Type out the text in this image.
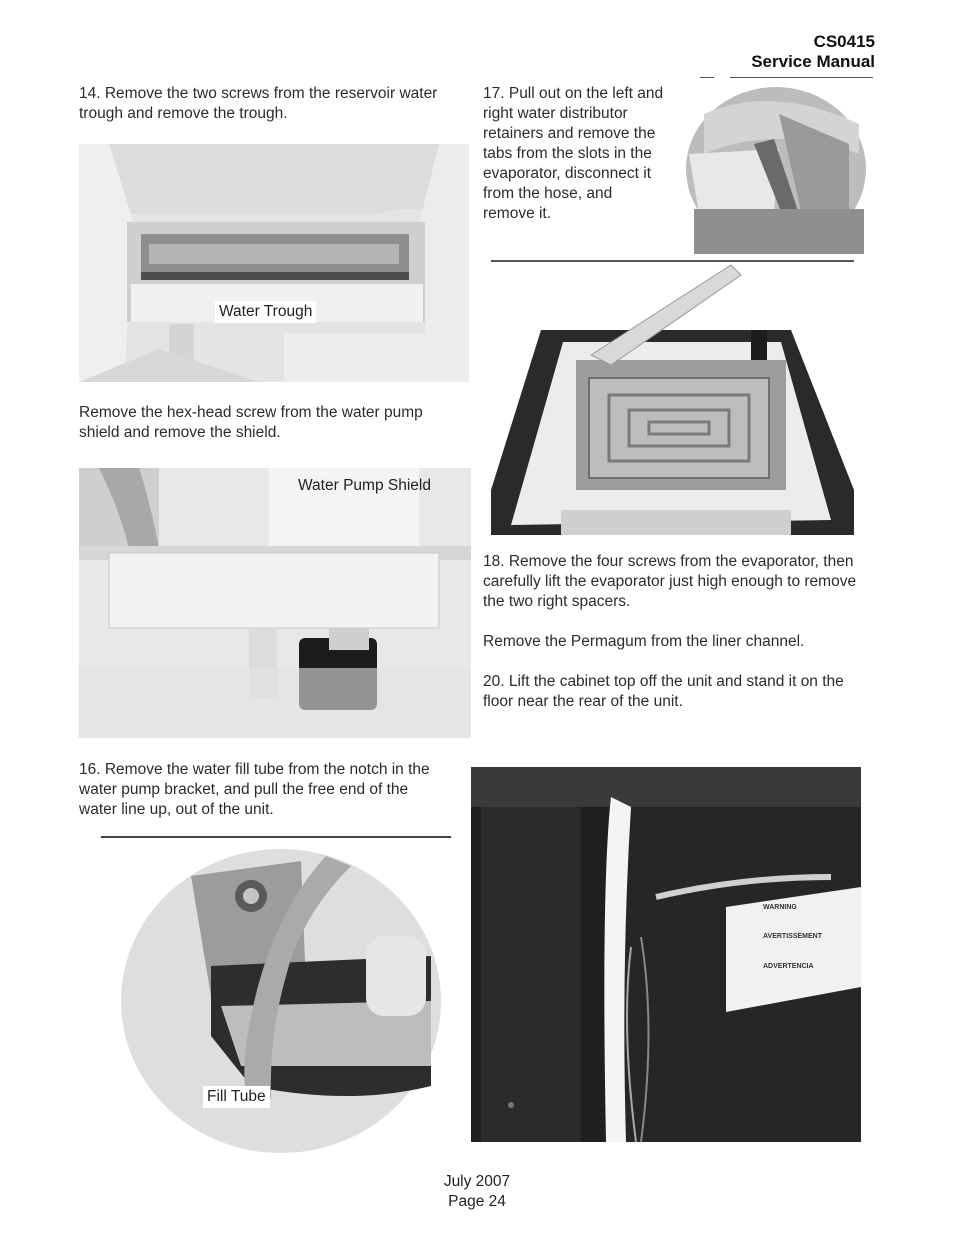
CS0415
Service Manual

14. Remove the two screws from the reservoir water trough and remove the trough.

Water Trough

Remove the hex-head screw from the water pump shield and remove the shield.

Water Pump Shield

16. Remove the water fill tube from the notch in the water pump bracket, and pull the free end of the water line up, out of the unit.

Fill Tube

17. Pull out on the left and right water distributor retainers and remove the tabs from the slots in the evaporator, disconnect it from the hose, and remove it.

18. Remove the four screws from the evaporator, then carefully lift the evaporator just high enough to remove the two right spacers.

Remove the Permagum from the liner channel.

20. Lift the cabinet top off the unit and stand it on the floor near the rear of the unit.

WARNING
AVERTISSEMENT
ADVERTENCIA
July 2007
Page 24
